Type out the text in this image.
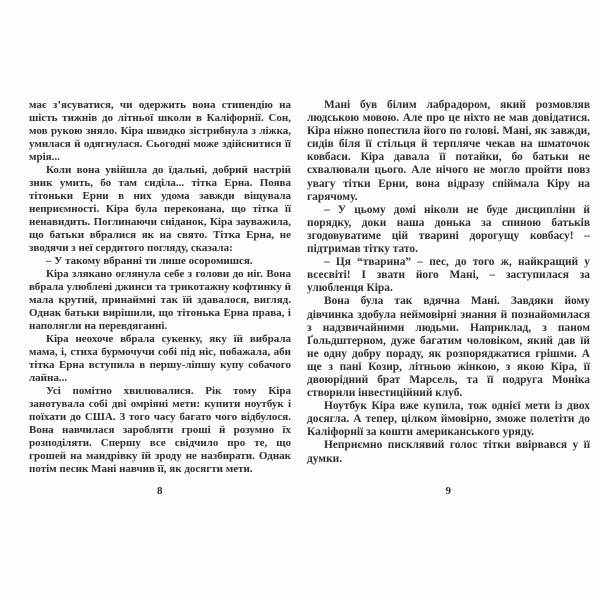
має з’ясуватися, чи одержить вона стипендію на шість тижнів до літньої школи в Каліфорнії. Сон, мов рукою зняло. Кіра швидко зістрибнула з ліжка, умилася й одягнулася. Сьогодні може здійснитися її мрія...

Коли вона увійшла до їдальні, добрий настрій зник умить, бо там сиділа... тітка Ерна. Поява тітоньки Ерни в них удома завжди віщувала неприємності. Кіра була переконана, що тітка її ненавидить. Поглинаючи сніданок, Кіра зауважила, що батьки вбралися як на свято. Тітка Ерна, не зводячи з неї сердитого погляду, сказала:

– У такому вбранні ти лише осоромишся.

Кіра злякано оглянула себе з голови до ніг. Вона вбрала улюблені джинси та трикотажну кофтинку й мала крутий, принаймні так їй здавалося, вигляд. Однак батьки вирішили, що тітонька Ерна права, і наполягли на перевдяганні.

Кіра неохоче вбрала сукенку, яку їй вибрала мама, і, стиха бурмочучи собі під ніс, побажала, аби тітка Ерна вступила в першу-ліпшу купу собачого лайна...

Усі помітно хвилювалися. Рік тому Кіра занотувала собі дві омріяні мети: купити ноутбук і поїхати до США. З того часу багато чого відбулося. Вона навчилася заробляти гроші й розумно їх розподіляти. Спершу все свідчило про те, що грошей на мандрівку їй зроду не назбирати. Однак потім песик Мані навчив її, як досягти мети.

8

Мані був білим лабрадором, який розмовляв людською мовою. Але про це ніхто не мав довідатися. Кіра ніжно попестила його по голові. Мані, як завжди, сидів біля її стільця й терпляче чекав на шматочок ковбаси. Кіра давала її потайки, бо батьки не схвалювали цього. Але нічого не могло пройти повз увагу тітки Ерни, вона відразу спіймала Кіру на гарячому.

– У цьому домі ніколи не буде дисципліни й порядку, доки наша донька за спиною батьків згодовуватиме цій тварині дорогущу ковбасу! – підтримав тітку тато.

– Ця “тварина” – пес, до того ж, найкращий у всесвіті! І звати його Мані, – заступилася за улюбленця Кіра.

Вона була так вдячна Мані. Завдяки йому дівчинка здобула неймовірні знання й познайомилася з надзвичайними людьми. Наприклад, з паном Ґольдштерном, дуже багатим чоловіком, який дав їй не одну добру пораду, як розпоряджатися грішми. А ще з пані Козир, літньою жінкою, з якою Кіра, її двоюрідний брат Марсель, та її подруга Моніка створили інвестиційний клуб.

Ноутбук Кіра вже купила, тож однієї мети із двох досягла. А тепер, цілком ймовірно, зможе полетіти до Каліфорнії за кошти американського уряду.

Неприємно писклявий голос тітки ввірвався у її думки.

9
